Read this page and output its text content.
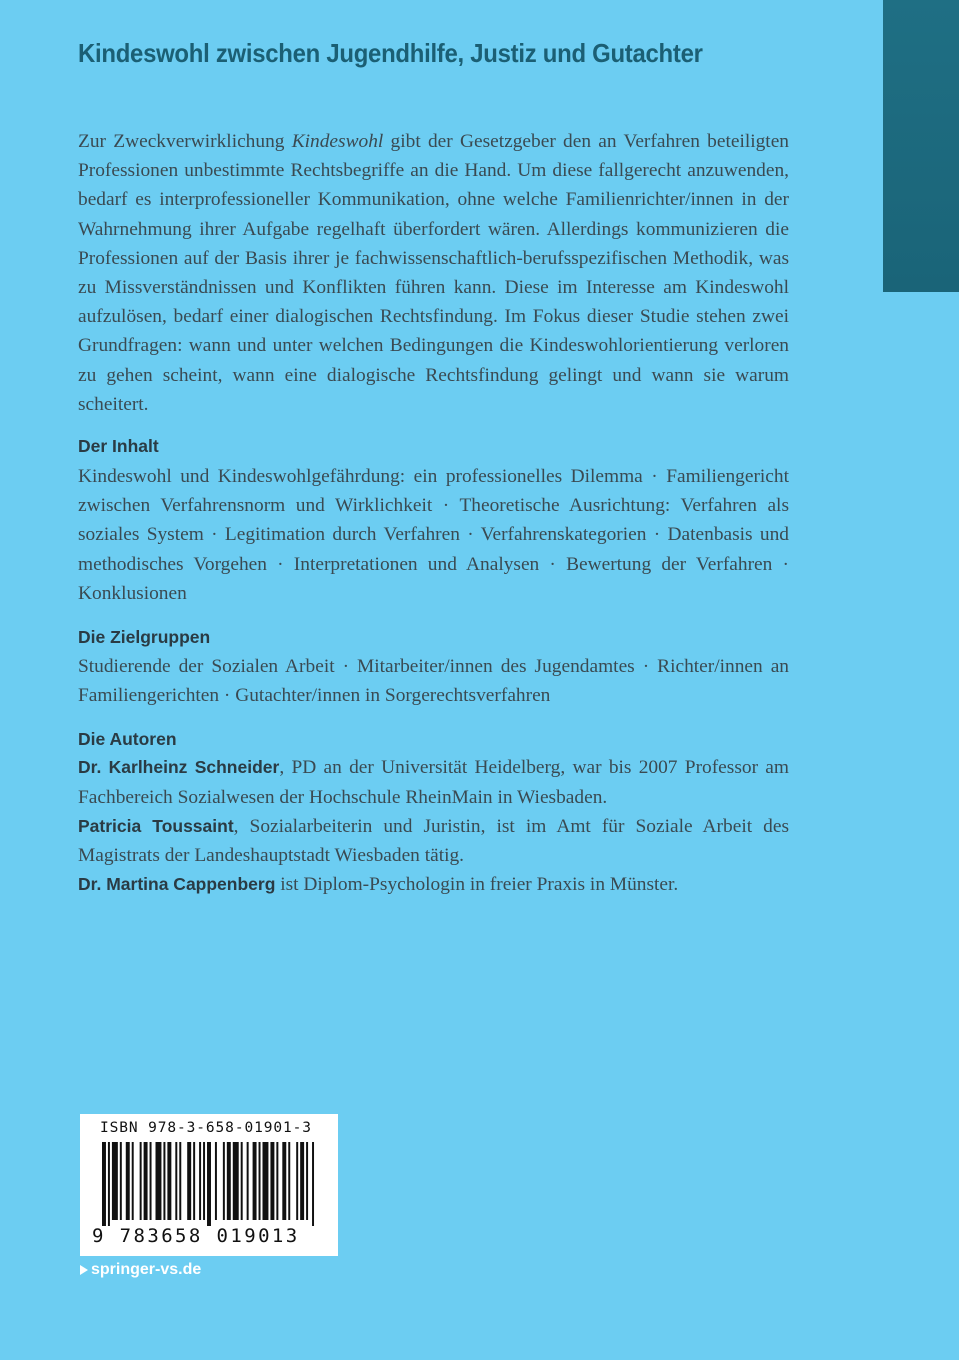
Kindeswohl zwischen Jugendhilfe, Justiz und Gutachter

Zur Zweckverwirklichung Kindeswohl gibt der Gesetzgeber den an Verfahren beteiligten Professionen unbestimmte Rechtsbegriffe an die Hand. Um diese fallgerecht anzuwenden, bedarf es interprofessioneller Kommunikation, ohne welche Familienrichter/innen in der Wahrnehmung ihrer Aufgabe regelhaft überfordert wären. Allerdings kommunizieren die Professionen auf der Basis ihrer je fachwissenschaftlich-berufsspezifischen Methodik, was zu Missverständnissen und Konflikten führen kann. Diese im Interesse am Kindeswohl aufzulösen, bedarf einer dialogischen Rechtsfindung. Im Fokus dieser Studie stehen zwei Grundfragen: wann und unter welchen Bedingungen die Kindeswohlorientierung verloren zu gehen scheint, wann eine dialogische Rechtsfindung gelingt und wann sie warum scheitert.

Der Inhalt

Kindeswohl und Kindeswohlgefährdung: ein professionelles Dilemma · Familiengericht zwischen Verfahrensnorm und Wirklichkeit · Theoretische Ausrichtung: Verfahren als soziales System · Legitimation durch Verfahren · Verfahrenskategorien · Datenbasis und methodisches Vorgehen · Interpretationen und Analysen · Bewertung der Verfahren · Konklusionen

Die Zielgruppen

Studierende der Sozialen Arbeit · Mitarbeiter/innen des Jugendamtes · Richter/innen an Familiengerichten · Gutachter/innen in Sorgerechtsverfahren

Die Autoren

Dr. Karlheinz Schneider, PD an der Universität Heidelberg, war bis 2007 Professor am Fachbereich Sozialwesen der Hochschule RheinMain in Wiesbaden.

Patricia Toussaint, Sozialarbeiterin und Juristin, ist im Amt für Soziale Arbeit des Magistrats der Landeshauptstadt Wiesbaden tätig.

Dr. Martina Cappenberg ist Diplom-Psychologin in freier Praxis in Münster.

ISBN 978-3-658-01901-3
9 783658 019013
springer-vs.de
